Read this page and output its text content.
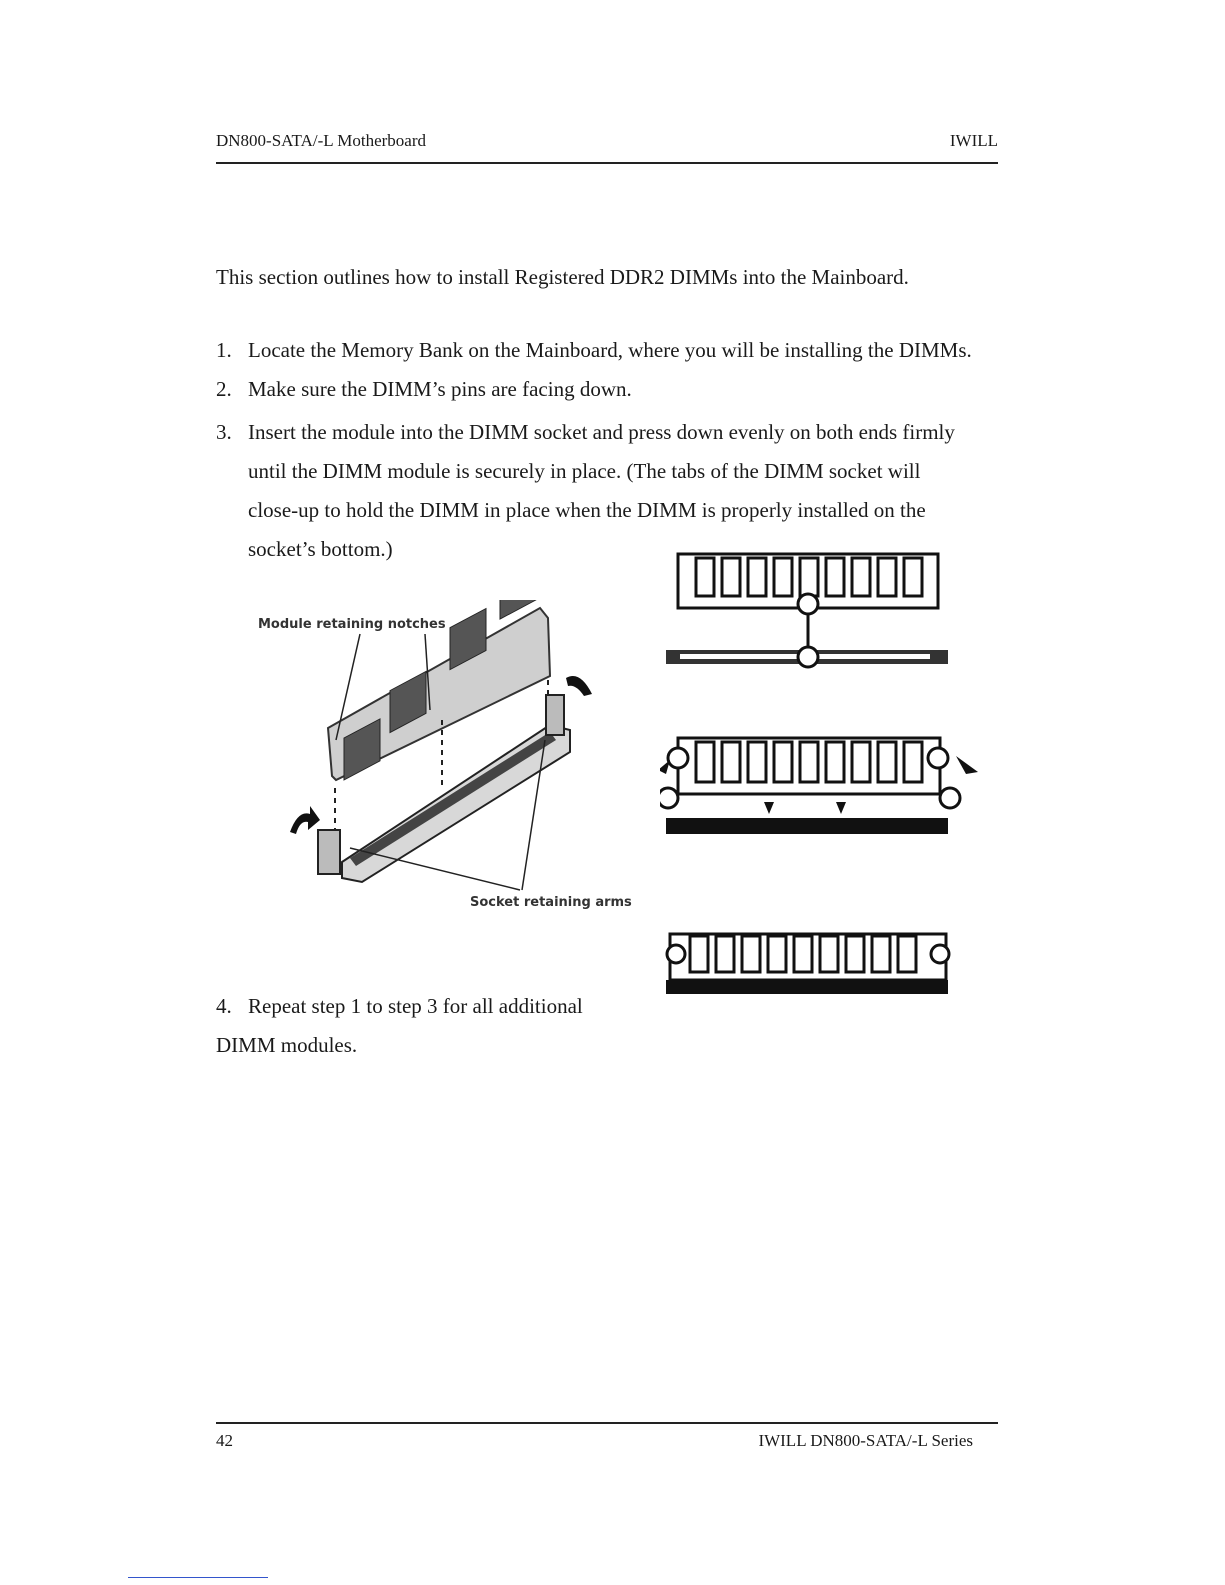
DN800-SATA/-L Motherboard	IWILL
This section outlines how to install Registered DDR2 DIMMs into the Mainboard.
1. Locate the Memory Bank on the Mainboard, where you will be installing the DIMMs.
2. Make sure the DIMM’s pins are facing down.
3. Insert the module into the DIMM socket and press down evenly on both ends firmly
until the DIMM module is securely in place. (The tabs of the DIMM socket will
close-up to hold the DIMM in place when the DIMM is properly installed on the
socket’s bottom.)
4. Repeat step 1 to step 3 for all additional
DIMM modules.
Module retaining notches
Socket retaining arms
42	IWILL DN800-SATA/-L Series
